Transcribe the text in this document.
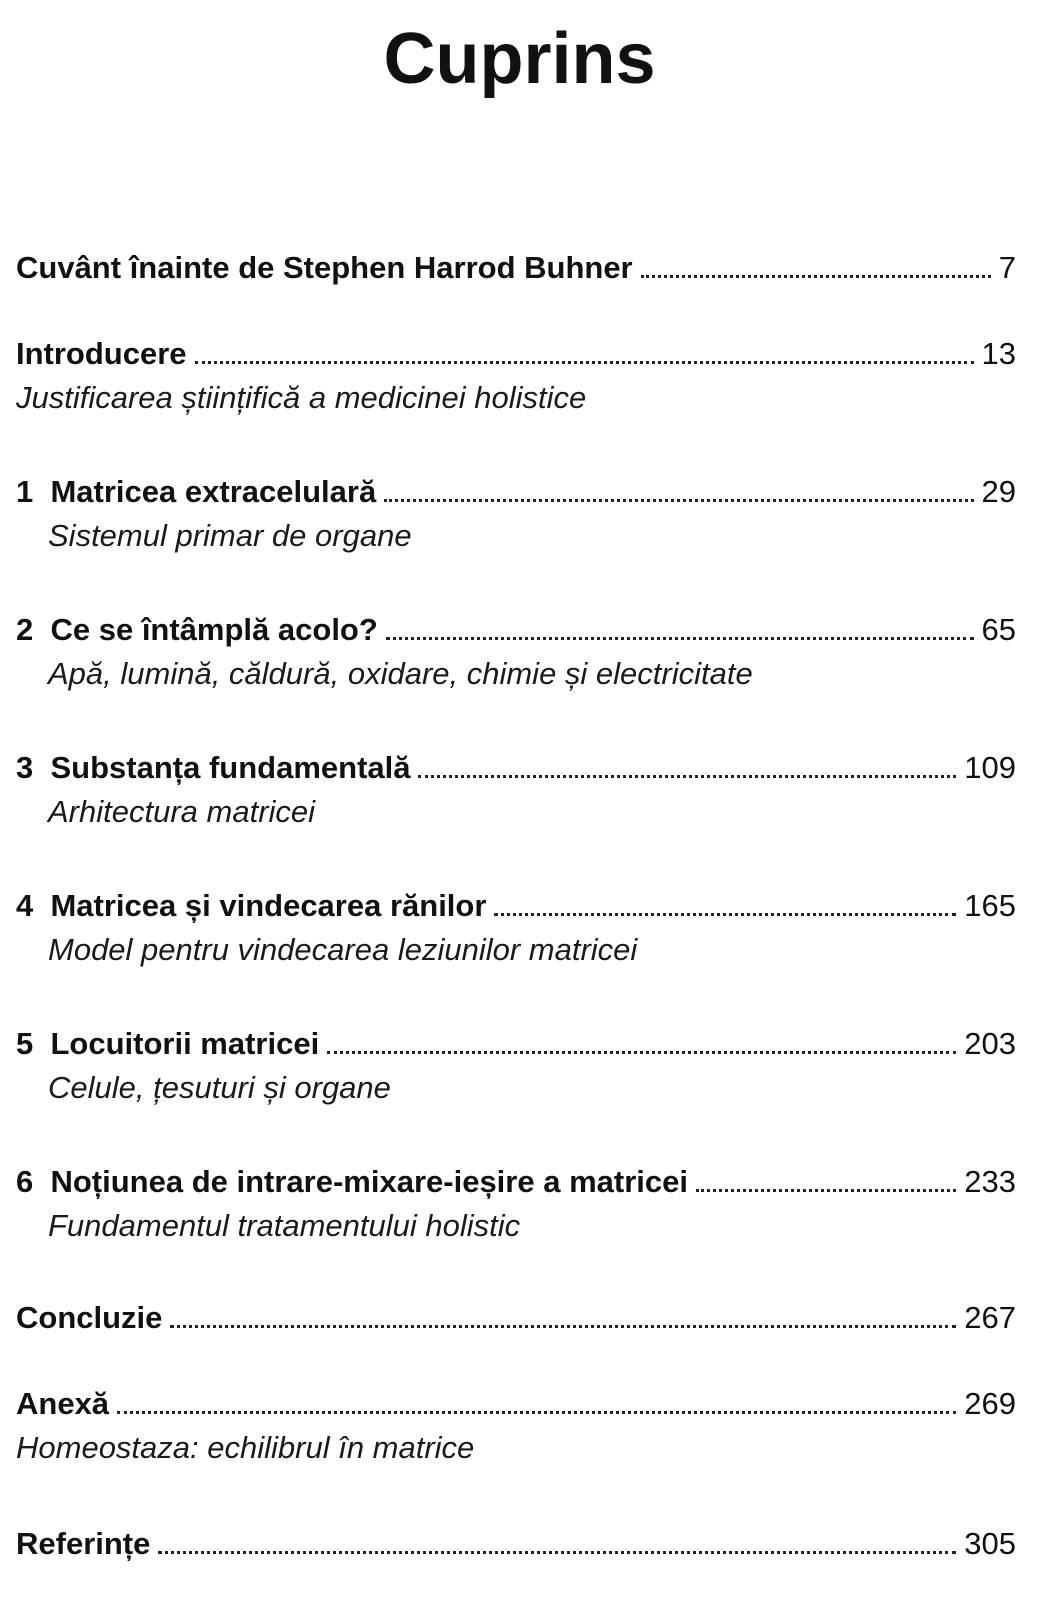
Cuprins
Cuvânt înainte de Stephen Harrod Buhner	7
Introducere	13
Justificarea științifică a medicinei holistice
1 Matricea extracelulară	29
Sistemul primar de organe
2 Ce se întâmplă acolo?	65
Apă, lumină, căldură, oxidare, chimie și electricitate
3 Substanța fundamentală	109
Arhitectura matricei
4 Matricea și vindecarea rănilor	165
Model pentru vindecarea leziunilor matricei
5 Locuitorii matricei	203
Celule, țesuturi și organe
6 Noțiunea de intrare-mixare-ieșire a matricei	233
Fundamentul tratamentului holistic
Concluzie	267
Anexă	269
Homeostaza: echilibrul în matrice
Referințe	305
